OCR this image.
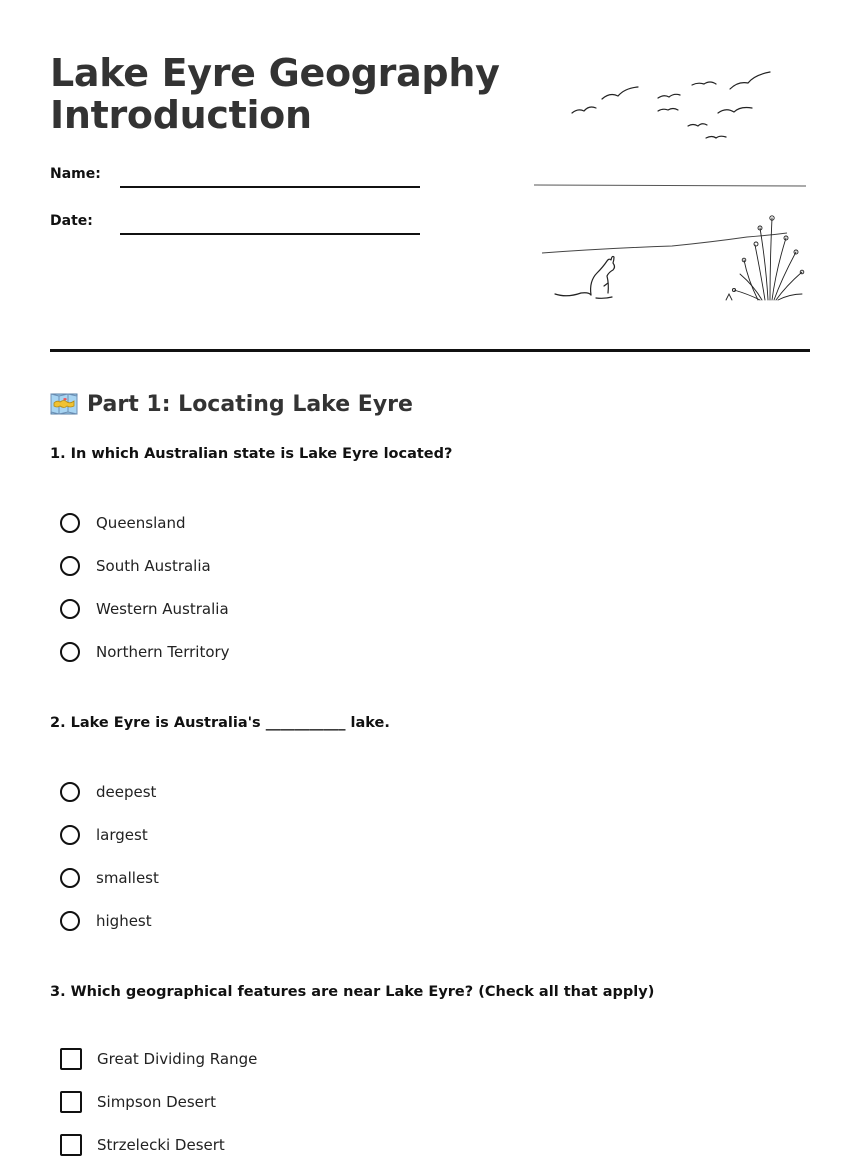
Lake Eyre Geography
Introduction
Name:
Date:
Part 1: Locating Lake Eyre
1. In which Australian state is Lake Eyre located?
Queensland
South Australia
Western Australia
Northern Territory
2. Lake Eyre is Australia's ___________ lake.
deepest
largest
smallest
highest
3. Which geographical features are near Lake Eyre? (Check all that apply)
Great Dividing Range
Simpson Desert
Strzelecki Desert
